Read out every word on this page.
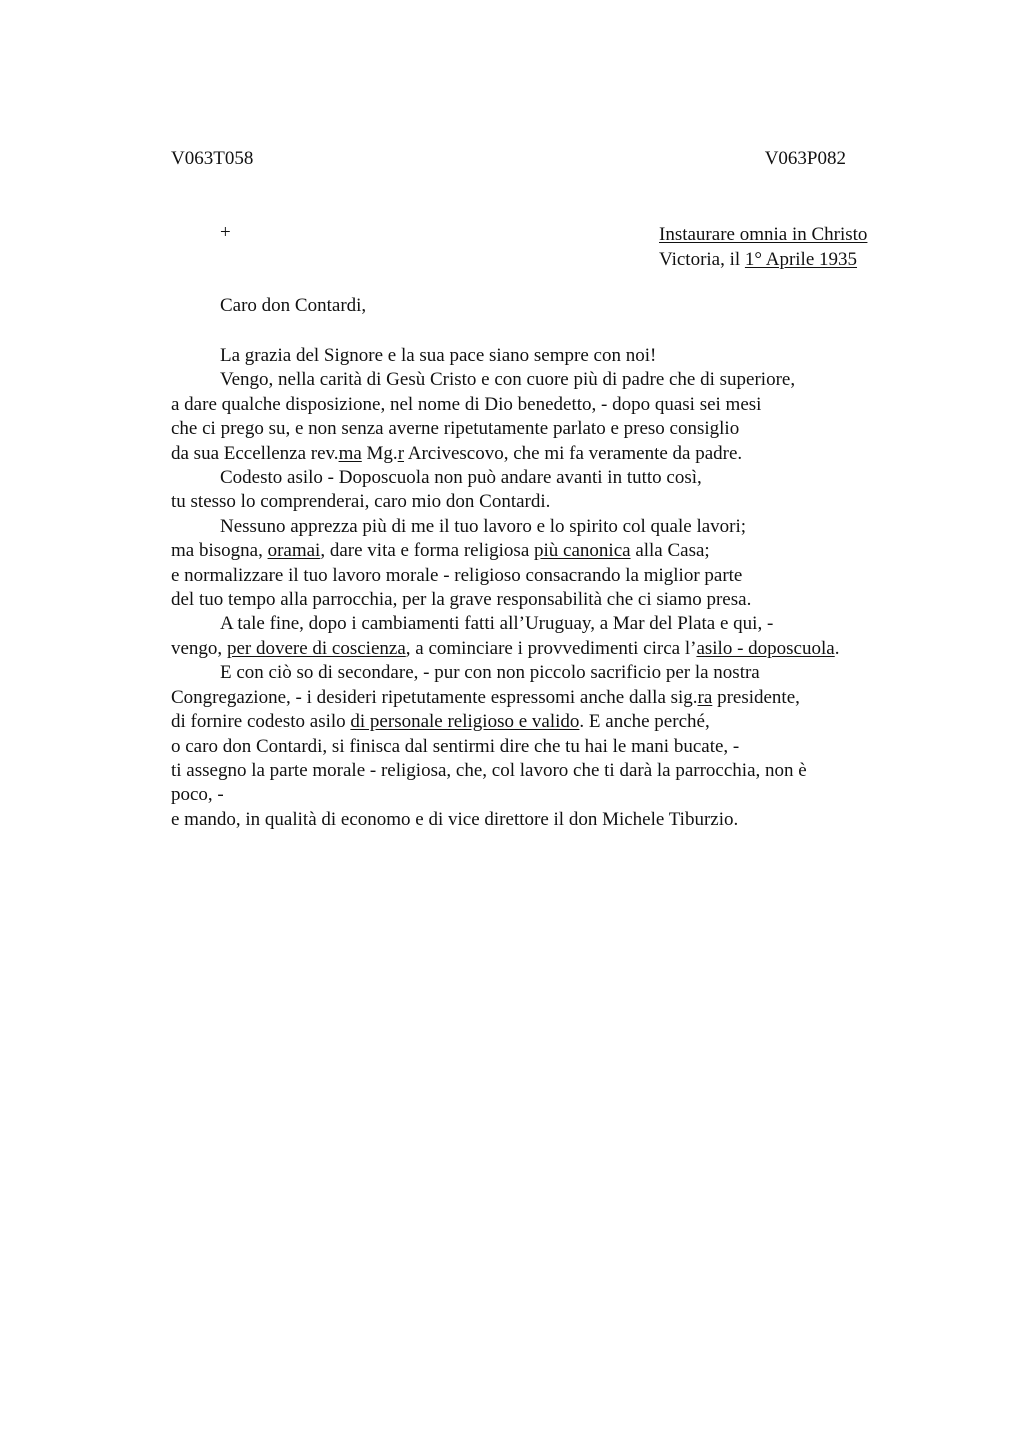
V063T058	V063P082
+	Instaurare omnia in Christo
Victoria, il 1° Aprile 1935
Caro don Contardi,
La grazia del Signore e la sua pace siano sempre con noi!
Vengo, nella carità di Gesù Cristo e con cuore più di padre che di superiore,
a dare qualche disposizione, nel nome di Dio benedetto, - dopo quasi sei mesi
che ci prego su, e non senza averne ripetutamente parlato e preso consiglio
da sua Eccellenza rev.ma Mg.r Arcivescovo, che mi fa veramente da padre.
Codesto asilo - Doposcuola non può andare avanti in tutto così,
tu stesso lo comprenderai, caro mio don Contardi.
Nessuno apprezza più di me il tuo lavoro e lo spirito col quale lavori;
ma bisogna, oramai, dare vita e forma religiosa più canonica alla Casa;
e normalizzare il tuo lavoro morale - religioso consacrando la miglior parte
del tuo tempo alla parrocchia, per la grave responsabilità che ci siamo presa.
A tale fine, dopo i cambiamenti fatti all’Uruguay, a Mar del Plata e qui, -
vengo, per dovere di coscienza, a cominciare i provvedimenti circa l’asilo - doposcuola.
E con ciò so di secondare, - pur con non piccolo sacrificio per la nostra
Congregazione, - i desideri ripetutamente espressomi anche dalla sig.ra presidente,
di fornire codesto asilo di personale religioso e valido. E anche perché,
o caro don Contardi, si finisca dal sentirmi dire che tu hai le mani bucate, -
ti assegno la parte morale - religiosa, che, col lavoro che ti darà la parrocchia, non è
poco, -
e mando, in qualità di economo e di vice direttore il don Michele Tiburzio.
